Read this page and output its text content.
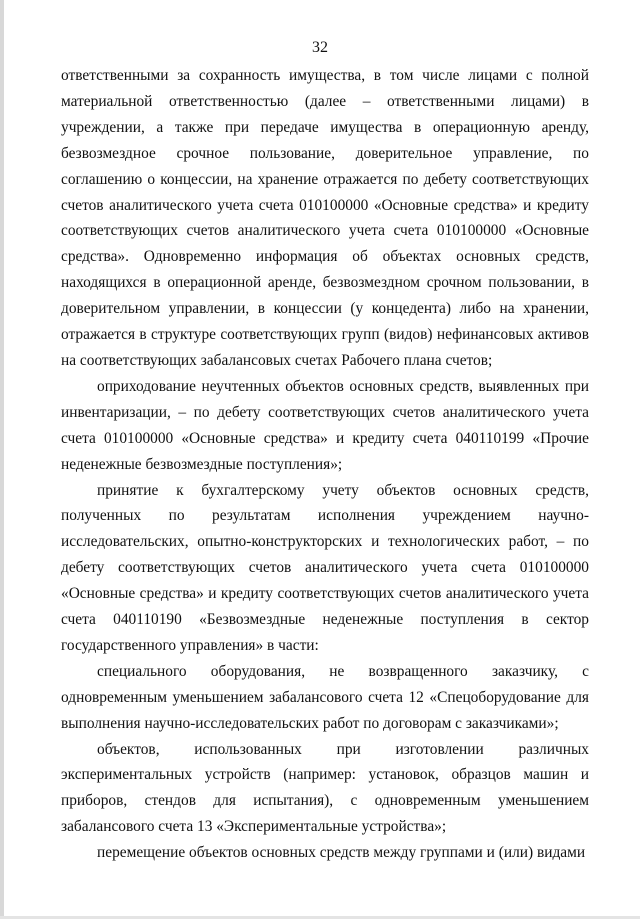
32

ответственными за сохранность имущества, в том числе лицами с полной материальной ответственностью (далее – ответственными лицами) в учреждении, а также при передаче имущества в операционную аренду, безвозмездное срочное пользование, доверительное управление, по соглашению о концессии, на хранение отражается по дебету соответствующих счетов аналитического учета счета 010100000 «Основные средства» и кредиту соответствующих счетов аналитического учета счета 010100000 «Основные средства». Одновременно информация об объектах основных средств, находящихся в операционной аренде, безвозмездном срочном пользовании, в доверительном управлении, в концессии (у концедента) либо на хранении, отражается в структуре соответствующих групп (видов) нефинансовых активов на соответствующих забалансовых счетах Рабочего плана счетов;

оприходование неучтенных объектов основных средств, выявленных при инвентаризации, – по дебету соответствующих счетов аналитического учета счета 010100000 «Основные средства» и кредиту счета 040110199 «Прочие неденежные безвозмездные поступления»;

принятие к бухгалтерскому учету объектов основных средств, полученных по результатам исполнения учреждением научно-исследовательских, опытно-конструкторских и технологических работ, – по дебету соответствующих счетов аналитического учета счета 010100000 «Основные средства» и кредиту соответствующих счетов аналитического учета счета 040110190 «Безвозмездные неденежные поступления в сектор государственного управления» в части:

специального оборудования, не возвращенного заказчику, с одновременным уменьшением забалансового счета 12 «Спецоборудование для выполнения научно-исследовательских работ по договорам с заказчиками»;

объектов, использованных при изготовлении различных экспериментальных устройств (например: установок, образцов машин и приборов, стендов для испытания), с одновременным уменьшением забалансового счета 13 «Экспериментальные устройства»;

перемещение объектов основных средств между группами и (или) видами
